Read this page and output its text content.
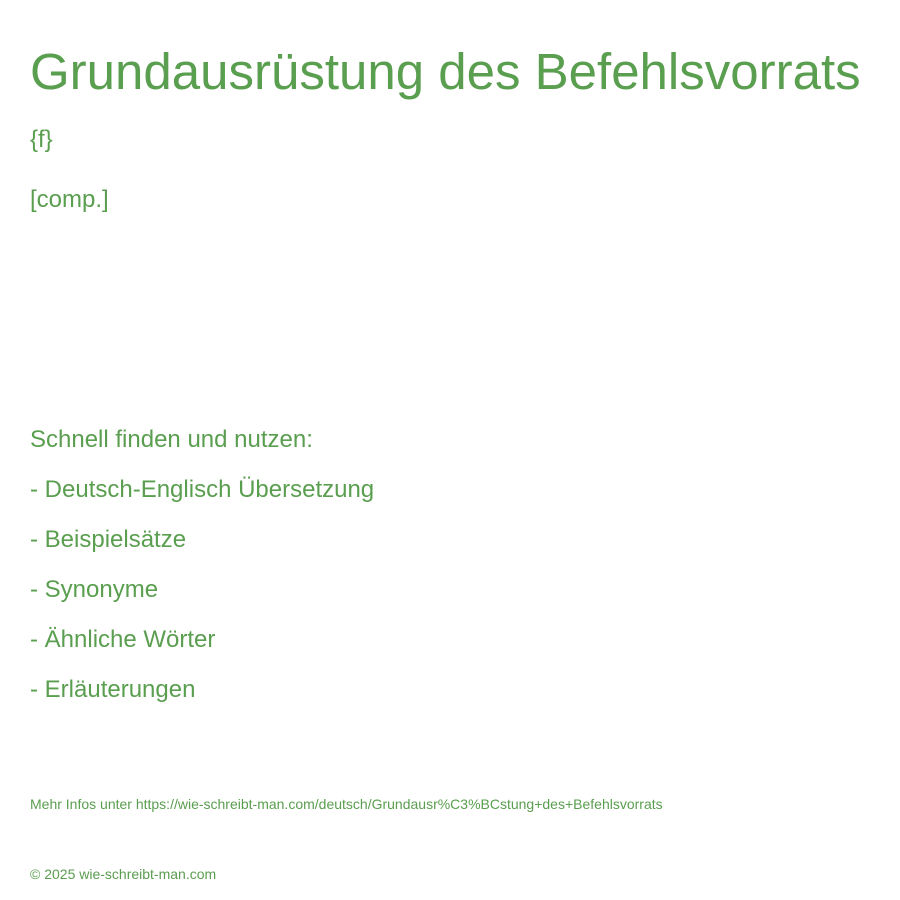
Grundausrüstung des Befehlsvorrats
{f}
[comp.]
Schnell finden und nutzen:
- Deutsch-Englisch Übersetzung
- Beispielsätze
- Synonyme
- Ähnliche Wörter
- Erläuterungen
Mehr Infos unter https://wie-schreibt-man.com/deutsch/Grundausr%C3%BCstung+des+Befehlsvorrats
© 2025 wie-schreibt-man.com
